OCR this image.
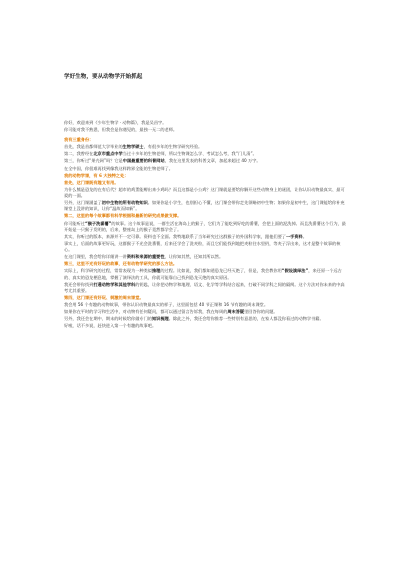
学好生物，要从动物学开始抓起

你好，欢迎来到《少年生物学 · 动物篇》，我是吴昌宇。

你可能对我不熟悉，但我会是你遇见的，最独一无二的老师。

我有三重身份：

首先，我是首都师范大学毕业的生物学硕士，有很多年的生物学研究经验。

第二，我曾经在北京市重点中学当过十多年的生物老师，所以生物课怎么学、考试怎么考，我“门儿清”。

第三，你听过“果壳网”吗？它是中国最重要的科普网站，我在这里发表的科普文章，加起来超过 40 万字。

在全中国，你很难再找到像我这样跨界全能的生物老师了。

我的动物学课，有 6 大独特之处：

首先，这门课既有趣又有用。

为什么熊是恐龙的在有后代？超市的鸡蛋能孵出来小鸡吗？而且这都是小公鸡？这门课就是要给你解开这些动物身上的谜团，让你认识动物最真实、最可爱的一面。

另外，这门课涵盖了初中生物的所有动物知识。如果你是小学生，也别担心不懂，这门课会带你走先领略初中生物；如果你是初中生，这门课能给你补充课堂上没讲的知识，让你“温故而知新”。

第二，这里的每个故事都有科学根据和最新的研究成果做支撑。

你可能听过“猴子洗番薯”的故事。这个故事是说，一群生活在海岛上的猴子，它们为了能吃到好吃的番薯，会把上面的泥洗掉。而且洗番薯这个行为，最开始是一只猴子发明的，后来，整座岛上的猴子竟然都学会了。

其实，你听过的版本，来源并不一定可靠。资料也不全面。我特地联系了当年研究过这群猴子的外国科学家，跟他们要了一手资料。

事实上，后面的故事更好玩，这群猴子不光会洗番薯，后来还学会了洗麦粒，而且它们能找到地把麦粒往水里扔，等麦子浮出来，这才是整个故事的核心。

在这门课里，我会给你详细讲一讲资料和来源的重要性，让你知其然，还知其所以然。

第三，这里不光有好玩的故事，还有动物学研究的那么方法。

实际上，科学研究的过程，常常表现为一种类似推理的过程。比如说，我们都知道恐龙已经灭绝了，但是，我会教你用“假设演绎法”，来还原一个远古的、真实的恐龙栖息地，掌握了演绎法的工具，你就可能靠自己找到恐龙灭绝的真实原因。

我还会带你找到打通动物学和其他学科的钥匙，让你把动物学和地理、语文、化学等学科结合起来，打破不同学科之间的隔阂。这个方法对你未来的中高考尤其重要。

第四，这门课还有好玩、刺激的周末课堂。

我会用 56 个有趣的动物故事，带你认识动物最真实的样子，这里面包括 40 节正课和 16 节有趣的周末课堂。

如果你在平时的学习和生活中，对动物有任何疑问，都可以通过留言告诉我，我在每周的周末答疑里回答你的问题。

另外，我还会在期中、期末的时候给你做专门的知识梳理。除此之外，我还会给你推荐一些特别有意思的，在家人都没你看过的动物学书籍。

好啦，话不多说，赶快进入第一个有趣的故事吧。
